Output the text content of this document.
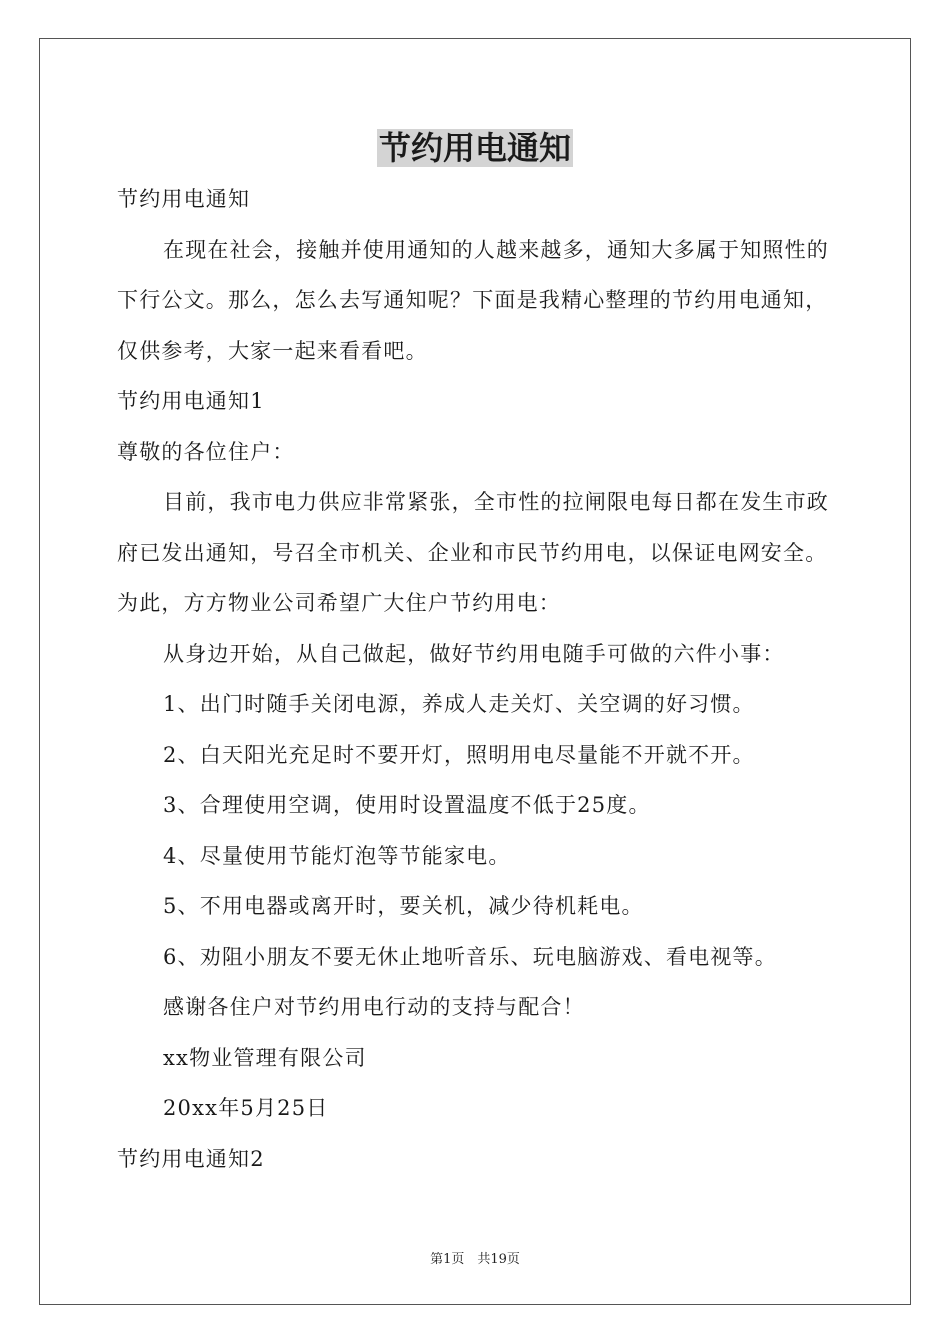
节约用电通知

节约用电通知

在现在社会，接触并使用通知的人越来越多，通知大多属于知照性的下行公文。那么，怎么去写通知呢？下面是我精心整理的节约用电通知，仅供参考，大家一起来看看吧。

节约用电通知1

尊敬的各位住户：

目前，我市电力供应非常紧张，全市性的拉闸限电每日都在发生市政府已发出通知，号召全市机关、企业和市民节约用电，以保证电网安全。为此，方方物业公司希望广大住户节约用电：

从身边开始，从自己做起，做好节约用电随手可做的六件小事：

1、出门时随手关闭电源，养成人走关灯、关空调的好习惯。

2、白天阳光充足时不要开灯，照明用电尽量能不开就不开。

3、合理使用空调，使用时设置温度不低于25度。

4、尽量使用节能灯泡等节能家电。

5、不用电器或离开时，要关机，减少待机耗电。

6、劝阻小朋友不要无休止地听音乐、玩电脑游戏、看电视等。

感谢各住户对节约用电行动的支持与配合！

xx物业管理有限公司

20xx年5月25日

节约用电通知2

第1页　共19页
